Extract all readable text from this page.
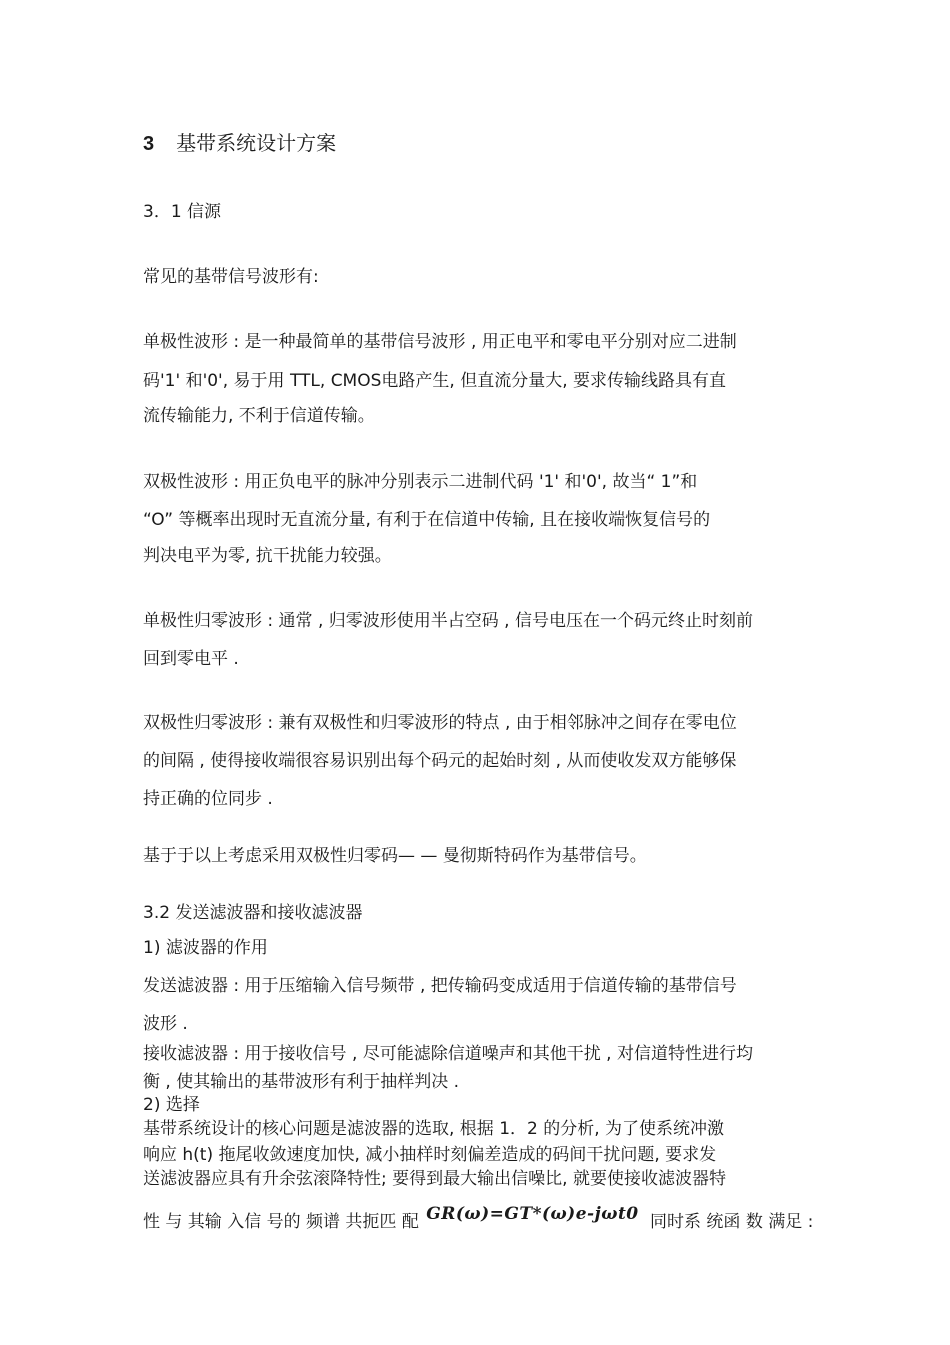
3 基带系统设计方案
3．1 信源
常见的基带信号波形有:
单极性波形 : 是一种最简单的基带信号波形 , 用正电平和零电平分别对应二进制
码'1' 和'0', 易于用 TTL, CMOS电路产生, 但直流分量大, 要求传输线路具有直
流传输能力, 不利于信道传输。
双极性波形 : 用正负电平的脉冲分别表示二进制代码 '1' 和'0', 故当“ 1”和
“O” 等概率出现时无直流分量, 有利于在信道中传输, 且在接收端恢复信号的
判决电平为零, 抗干扰能力较强。
单极性归零波形 : 通常 , 归零波形使用半占空码 , 信号电压在一个码元终止时刻前
回到零电平 .
双极性归零波形 : 兼有双极性和归零波形的特点 , 由于相邻脉冲之间存在零电位
的间隔 , 使得接收端很容易识别出每个码元的起始时刻 , 从而使收发双方能够保
持正确的位同步 .
基于于以上考虑采用双极性归零码— — 曼彻斯特码作为基带信号。
3.2 发送滤波器和接收滤波器
1) 滤波器的作用
发送滤波器 : 用于压缩输入信号频带 , 把传输码变成适用于信道传输的基带信号
波形 .
接收滤波器 : 用于接收信号 , 尽可能滤除信道噪声和其他干扰 , 对信道特性进行均
衡 , 使其输出的基带波形有利于抽样判决 .
2) 选择
基带系统设计的核心问题是滤波器的选取, 根据 1．2 的分析, 为了使系统冲激
响应 h(t) 拖尾收敛速度加快, 减小抽样时刻偏差造成的码间干扰问题, 要求发
送滤波器应具有升余弦滚降特性; 要得到最大输出信噪比, 就要使接收滤波器特
性 与 其输 入信 号的 频谱 共扼匹 配 GR(ω)=GT*(ω)e-jωt0 同时系 统函 数 满足 :
